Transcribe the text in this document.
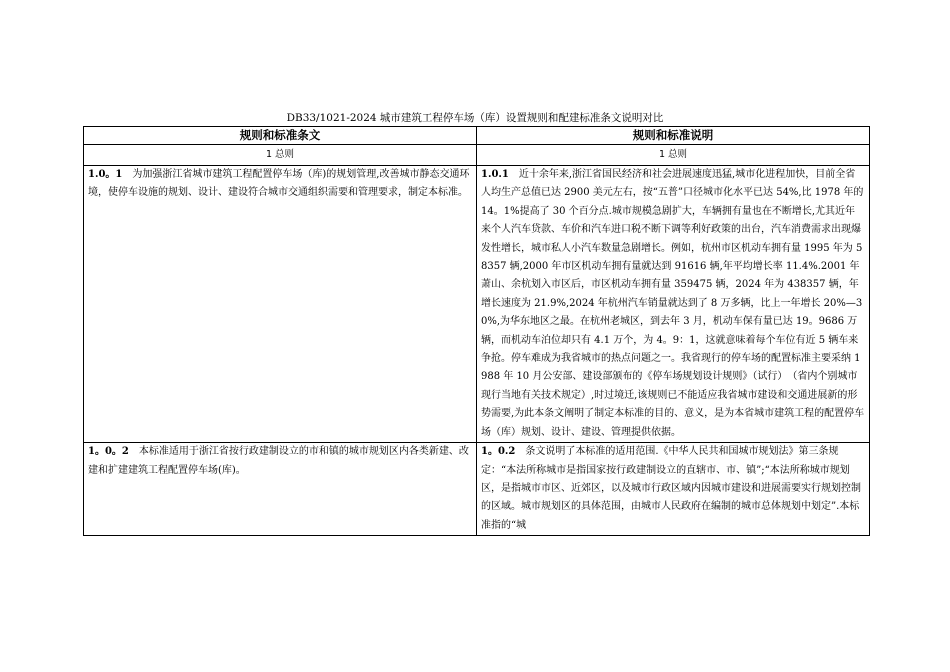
DB33/1021-2024 城市建筑工程停车场（库）设置规则和配建标准条文说明对比
规则和标准条文	规则和标准说明
1 总则	1 总则
1.0。1　为加强浙江省城市建筑工程配置停车场（库)的规划管理,改善城市静态交通环境，使停车设施的规划、设计、建设符合城市交通组织需要和管理要求，制定本标准。	1.0.1　近十余年来,浙江省国民经济和社会进展速度迅猛,城市化进程加快，目前全省人均生产总值已达 2900 美元左右，按“五普”口径城市化水平已达 54%,比 1978 年的 14。1%提高了 30 个百分点.城市规模急剧扩大，车辆拥有量也在不断增长,尤其近年来个人汽车贷款、车价和汽车进口税不断下调等利好政策的出台，汽车消费需求出现爆发性增长，城市私人小汽车数量急剧增长。例如，杭州市区机动车拥有量 1995 年为 58357 辆,2000 年市区机动车拥有量就达到 91616 辆,年平均增长率 11.4%.2001 年萧山、余杭划入市区后，市区机动车拥有量 359475 辆，2024 年为 438357 辆，年增长速度为 21.9%,2024 年杭州汽车销量就达到了 8 万多辆，比上一年增长 20%—30%,为华东地区之最。在杭州老城区，到去年 3 月，机动车保有量已达 19。9686 万辆，而机动车泊位却只有 4.1 万个，为 4。9：1，这就意味着每个车位有近 5 辆车来争抢。停车难成为我省城市的热点问题之一。我省现行的停车场的配置标准主要采纳 1988 年 10 月公安部、建设部颁布的《停车场规划设计规则》（试行）　（省内个别城市现行当地有关技术规定）,时过境迁,该规则已不能适应我省城市建设和交通进展新的形势需要,为此本条文阐明了制定本标准的目的、意义，是为本省城市建筑工程的配置停车场（库）规划、设计、建设、管理提供依据。
1。0。2　本标准适用于浙江省按行政建制设立的市和镇的城市规划区内各类新建、改建和扩建建筑工程配置停车场(库)。	1。0.2　条文说明了本标准的适用范围.《中华人民共和国城市规划法》第三条规定：“本法所称城市是指国家按行政建制设立的直辖市、市、镇”;“本法所称城市规划区，是指城市市区、近郊区，以及城市行政区域内因城市建设和进展需要实行规划控制的区域。城市规划区的具体范围，由城市人民政府在编制的城市总体规划中划定”.本标准指的“城
